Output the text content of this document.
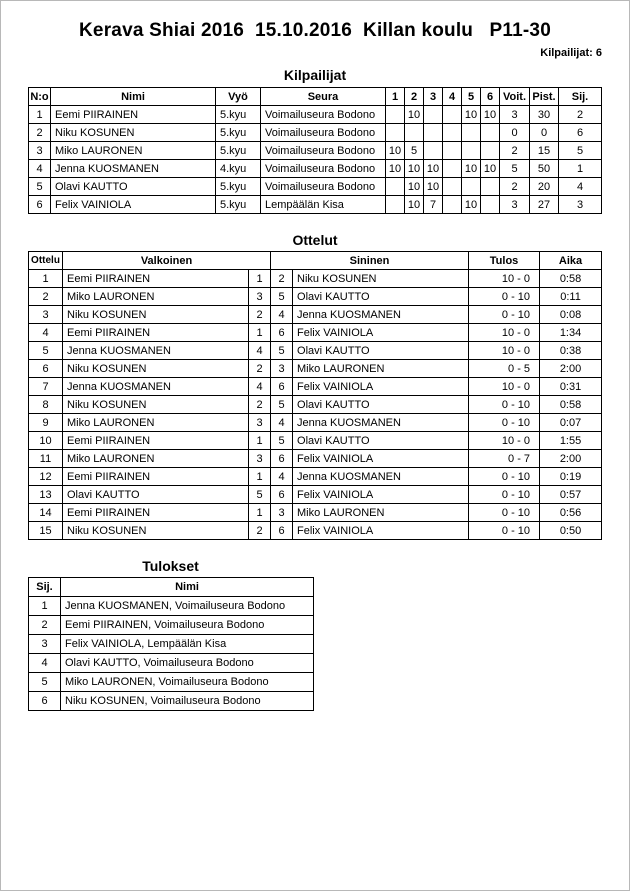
Kerava Shiai 2016  15.10.2016  Killan koulu   P11-30
Kilpailijat: 6
Kilpailijat
N:o	Nimi	Vyö	Seura	1	2	3	4	5	6	Voit.	Pist.	Sij.
1	Eemi PIIRAINEN	5.kyu	Voimailuseura Bodono		10			10	10	3	30	2
2	Niku KOSUNEN	5.kyu	Voimailuseura Bodono							0	0	6
3	Miko LAURONEN	5.kyu	Voimailuseura Bodono	10	5					2	15	5
4	Jenna KUOSMANEN	4.kyu	Voimailuseura Bodono	10	10	10		10	10	5	50	1
5	Olavi KAUTTO	5.kyu	Voimailuseura Bodono		10	10				2	20	4
6	Felix VAINIOLA	5.kyu	Lempäälän Kisa		10	7		10		3	27	3
Ottelut
Ottelu	Valkoinen		Sininen		Tulos	Aika
1	Eemi PIIRAINEN	1	2	Niku KOSUNEN	10 - 0	0:58
2	Miko LAURONEN	3	5	Olavi KAUTTO	0 - 10	0:11
3	Niku KOSUNEN	2	4	Jenna KUOSMANEN	0 - 10	0:08
4	Eemi PIIRAINEN	1	6	Felix VAINIOLA	10 - 0	1:34
5	Jenna KUOSMANEN	4	5	Olavi KAUTTO	10 - 0	0:38
6	Niku KOSUNEN	2	3	Miko LAURONEN	0 - 5	2:00
7	Jenna KUOSMANEN	4	6	Felix VAINIOLA	10 - 0	0:31
8	Niku KOSUNEN	2	5	Olavi KAUTTO	0 - 10	0:58
9	Miko LAURONEN	3	4	Jenna KUOSMANEN	0 - 10	0:07
10	Eemi PIIRAINEN	1	5	Olavi KAUTTO	10 - 0	1:55
11	Miko LAURONEN	3	6	Felix VAINIOLA	0 - 7	2:00
12	Eemi PIIRAINEN	1	4	Jenna KUOSMANEN	0 - 10	0:19
13	Olavi KAUTTO	5	6	Felix VAINIOLA	0 - 10	0:57
14	Eemi PIIRAINEN	1	3	Miko LAURONEN	0 - 10	0:56
15	Niku KOSUNEN	2	6	Felix VAINIOLA	0 - 10	0:50
Tulokset
Sij.	Nimi
1	Jenna KUOSMANEN, Voimailuseura Bodono
2	Eemi PIIRAINEN, Voimailuseura Bodono
3	Felix VAINIOLA, Lempäälän Kisa
4	Olavi KAUTTO, Voimailuseura Bodono
5	Miko LAURONEN, Voimailuseura Bodono
6	Niku KOSUNEN, Voimailuseura Bodono
